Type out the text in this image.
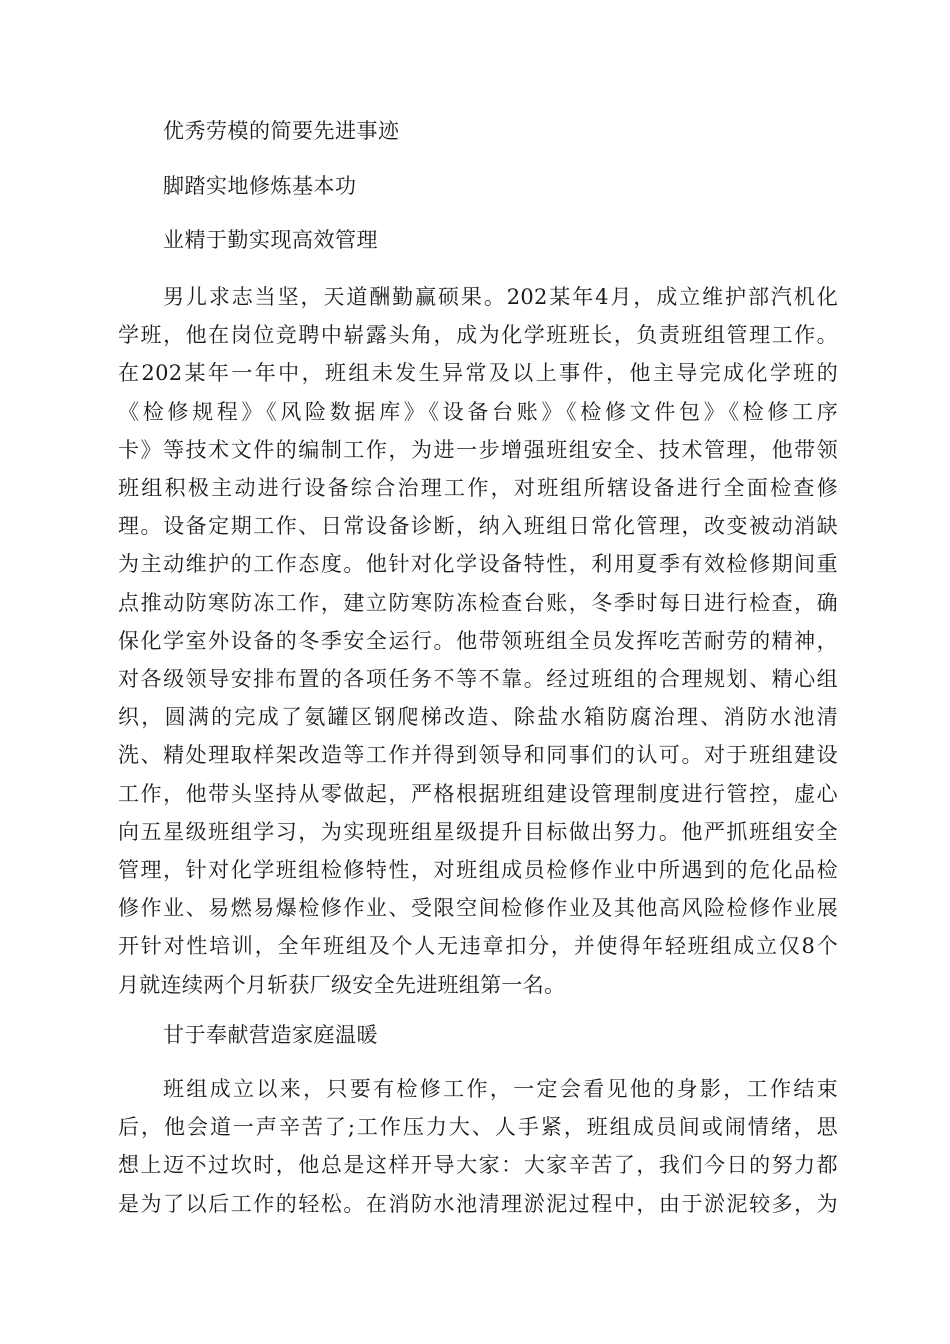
优秀劳模的简要先进事迹
脚踏实地修炼基本功
业精于勤实现高效管理
男儿求志当坚，天道酬勤赢硕果。202某年4月，成立维护部汽机化
学班，他在岗位竞聘中崭露头角，成为化学班班长，负责班组管理工作。
在202某年一年中，班组未发生异常及以上事件，他主导完成化学班的
《检修规程》《风险数据库》《设备台账》《检修文件包》《检修工序
卡》等技术文件的编制工作，为进一步增强班组安全、技术管理，他带领
班组积极主动进行设备综合治理工作，对班组所辖设备进行全面检查修
理。设备定期工作、日常设备诊断，纳入班组日常化管理，改变被动消缺
为主动维护的工作态度。他针对化学设备特性，利用夏季有效检修期间重
点推动防寒防冻工作，建立防寒防冻检查台账，冬季时每日进行检查，确
保化学室外设备的冬季安全运行。他带领班组全员发挥吃苦耐劳的精神，
对各级领导安排布置的各项任务不等不靠。经过班组的合理规划、精心组
织，圆满的完成了氨罐区钢爬梯改造、除盐水箱防腐治理、消防水池清
洗、精处理取样架改造等工作并得到领导和同事们的认可。对于班组建设
工作，他带头坚持从零做起，严格根据班组建设管理制度进行管控，虚心
向五星级班组学习，为实现班组星级提升目标做出努力。他严抓班组安全
管理，针对化学班组检修特性，对班组成员检修作业中所遇到的危化品检
修作业、易燃易爆检修作业、受限空间检修作业及其他高风险检修作业展
开针对性培训，全年班组及个人无违章扣分，并使得年轻班组成立仅8个
月就连续两个月斩获厂级安全先进班组第一名。
甘于奉献营造家庭温暖
班组成立以来，只要有检修工作，一定会看见他的身影，工作结束
后，他会道一声辛苦了;工作压力大、人手紧，班组成员间或闹情绪，思
想上迈不过坎时，他总是这样开导大家：大家辛苦了，我们今日的努力都
是为了以后工作的轻松。在消防水池清理淤泥过程中，由于淤泥较多，为
